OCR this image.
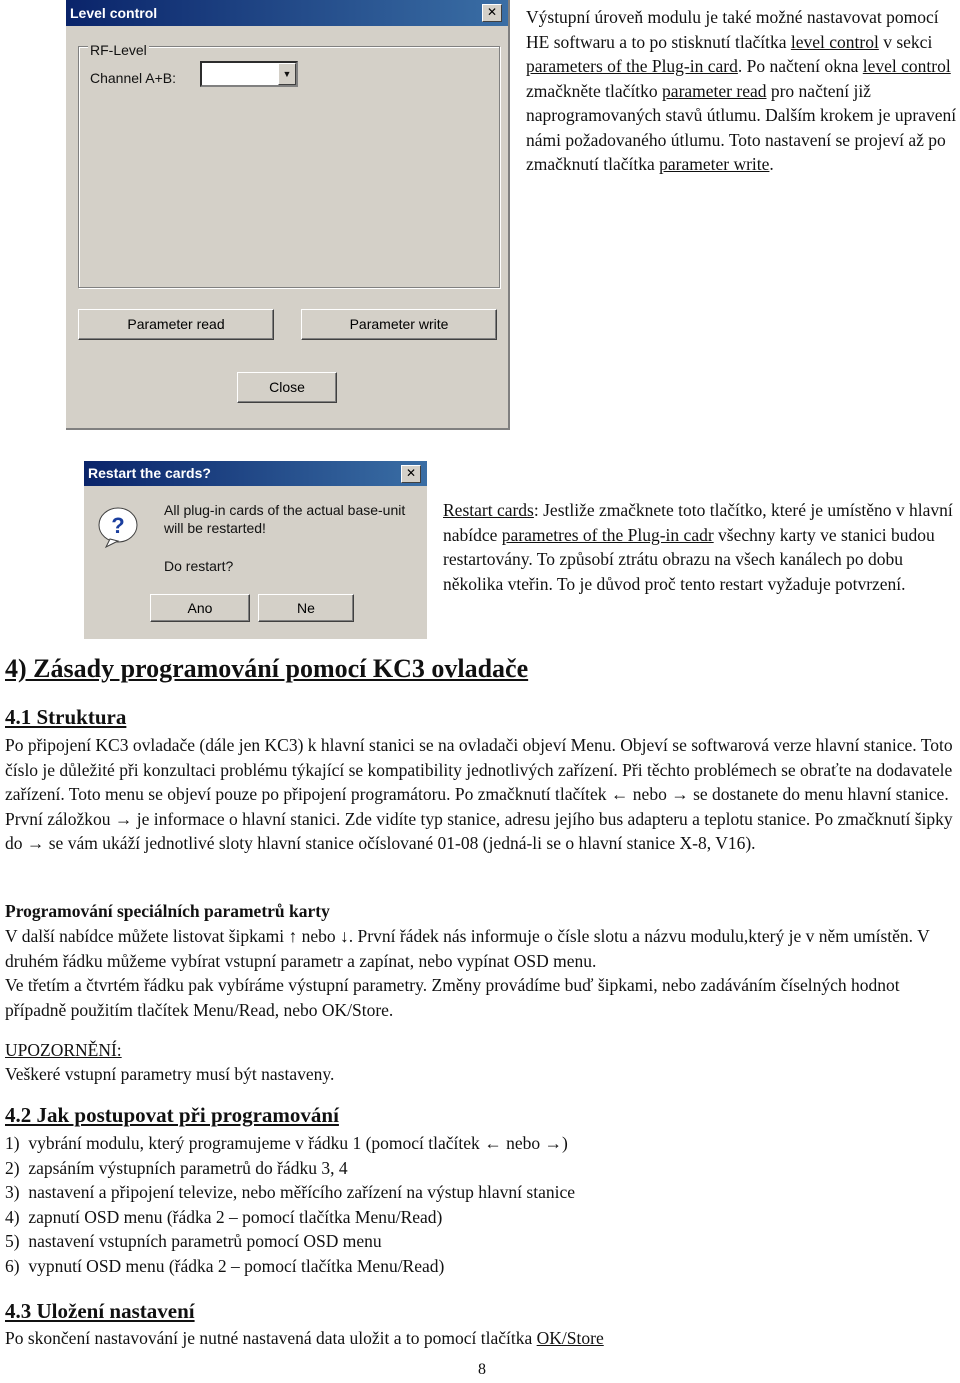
Level control	✕
RF-Level
Channel A+B:	▼
Parameter read	Parameter write
Close
Výstupní úroveň modulu je také možné nastavovat pomocí HE softwaru a to po stisknutí tlačítka level control v sekci parameters of the Plug-in card. Po načtení okna level control zmačkněte tlačítko parameter read pro načtení již naprogramovaných stavů útlumu. Dalším krokem je upravení námi požadovaného útlumu. Toto nastavení se projeví až po zmačknutí tlačítka parameter write.
Restart the cards?	✕
?
All plug-in cards of the actual base-unit will be restarted!
Do restart?
Ano	Ne
Restart cards: Jestliže zmačknete toto tlačítko, které je umístěno v hlavní nabídce parametres of the Plug-in cadr všechny karty ve stanici budou restartovány. To způsobí ztrátu obrazu na všech kanálech po dobu několika vteřin. To je důvod proč tento restart vyžaduje potvrzení.
4) Zásady programování pomocí KC3 ovladače
4.1 Struktura
Po připojení KC3 ovladače (dále jen KC3) k hlavní stanici se na ovladači objeví Menu. Objeví se softwarová verze hlavní stanice. Toto číslo je důležité při konzultaci problému týkající se kompatibility jednotlivých zařízení. Při těchto problémech se obraťte na dodavatele zařízení. Toto menu se objeví pouze po připojení programátoru. Po zmačknutí tlačítek ← nebo → se dostanete do menu hlavní stanice. První záložkou → je informace o hlavní stanici. Zde vidíte typ stanice, adresu jejího bus adapteru a teplotu stanice. Po zmačknutí šipky do → se vám ukáží jednotlivé sloty hlavní stanice očíslované 01-08 (jedná-li se o hlavní stanice X-8, V16).
Programování speciálních parametrů karty
V další nabídce můžete listovat šipkami ↑ nebo ↓. První řádek nás informuje o čísle slotu a názvu modulu,který je v něm umístěn. V druhém řádku můžeme vybírat vstupní parametr a zapínat, nebo vypínat OSD menu.
Ve třetím a čtvrtém řádku pak vybíráme výstupní parametry. Změny provádíme buď šipkami, nebo zadáváním číselných hodnot případně použitím tlačítek Menu/Read, nebo OK/Store.
UPOZORNĚNÍ:
Veškeré vstupní parametry musí být nastaveny.
4.2 Jak postupovat při programování
1) vybrání modulu, který programujeme v řádku 1 (pomocí tlačítek ← nebo →)
2) zapsáním výstupních parametrů do řádku 3, 4
3) nastavení a připojení televize, nebo měřícího zařízení na výstup hlavní stanice
4) zapnutí OSD menu (řádka 2 – pomocí tlačítka Menu/Read)
5) nastavení vstupních parametrů pomocí OSD menu
6) vypnutí OSD menu (řádka 2 – pomocí tlačítka Menu/Read)
4.3 Uložení nastavení
Po skončení nastavování je nutné nastavená data uložit a to pomocí tlačítka OK/Store
8
